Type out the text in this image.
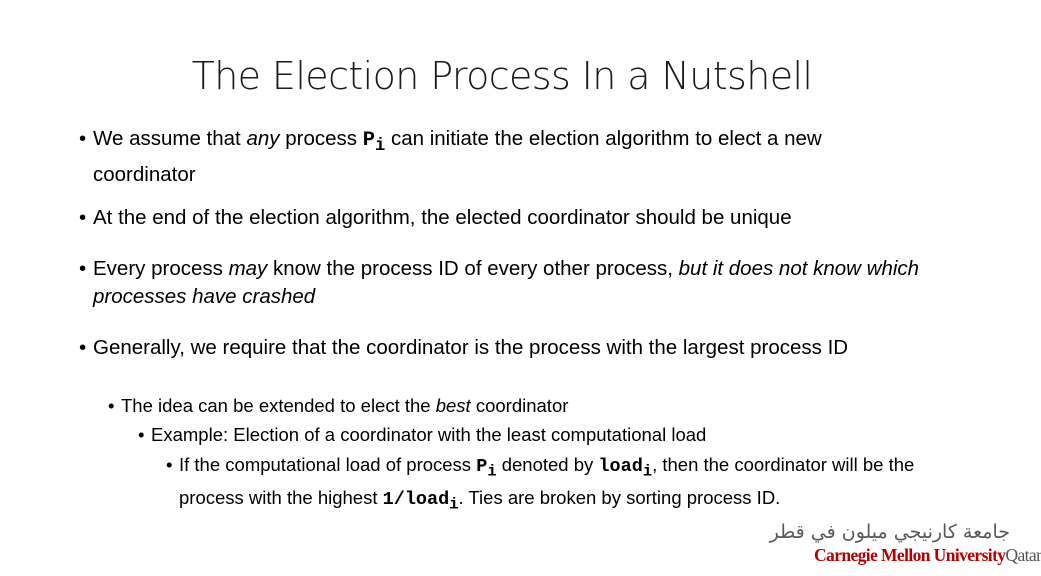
The Election Process In a Nutshell
• We assume that any process $P_i$ can initiate the election algorithm to elect a new coordinator
• At the end of the election algorithm, the elected coordinator should be unique
• Every process may know the process ID of every other process, but it does not know which processes have crashed
• Generally, we require that the coordinator is the process with the largest process ID
• The idea can be extended to elect the best coordinator
• Example: Election of a coordinator with the least computational load
• If the computational load of process $P_i$ denoted by load$_i$, then the coordinator will be the process with the highest 1/load$_i$. Ties are broken by sorting process ID.
جامعة كارنيجي ميلون في قطر
Carnegie Mellon UniversityQatar
